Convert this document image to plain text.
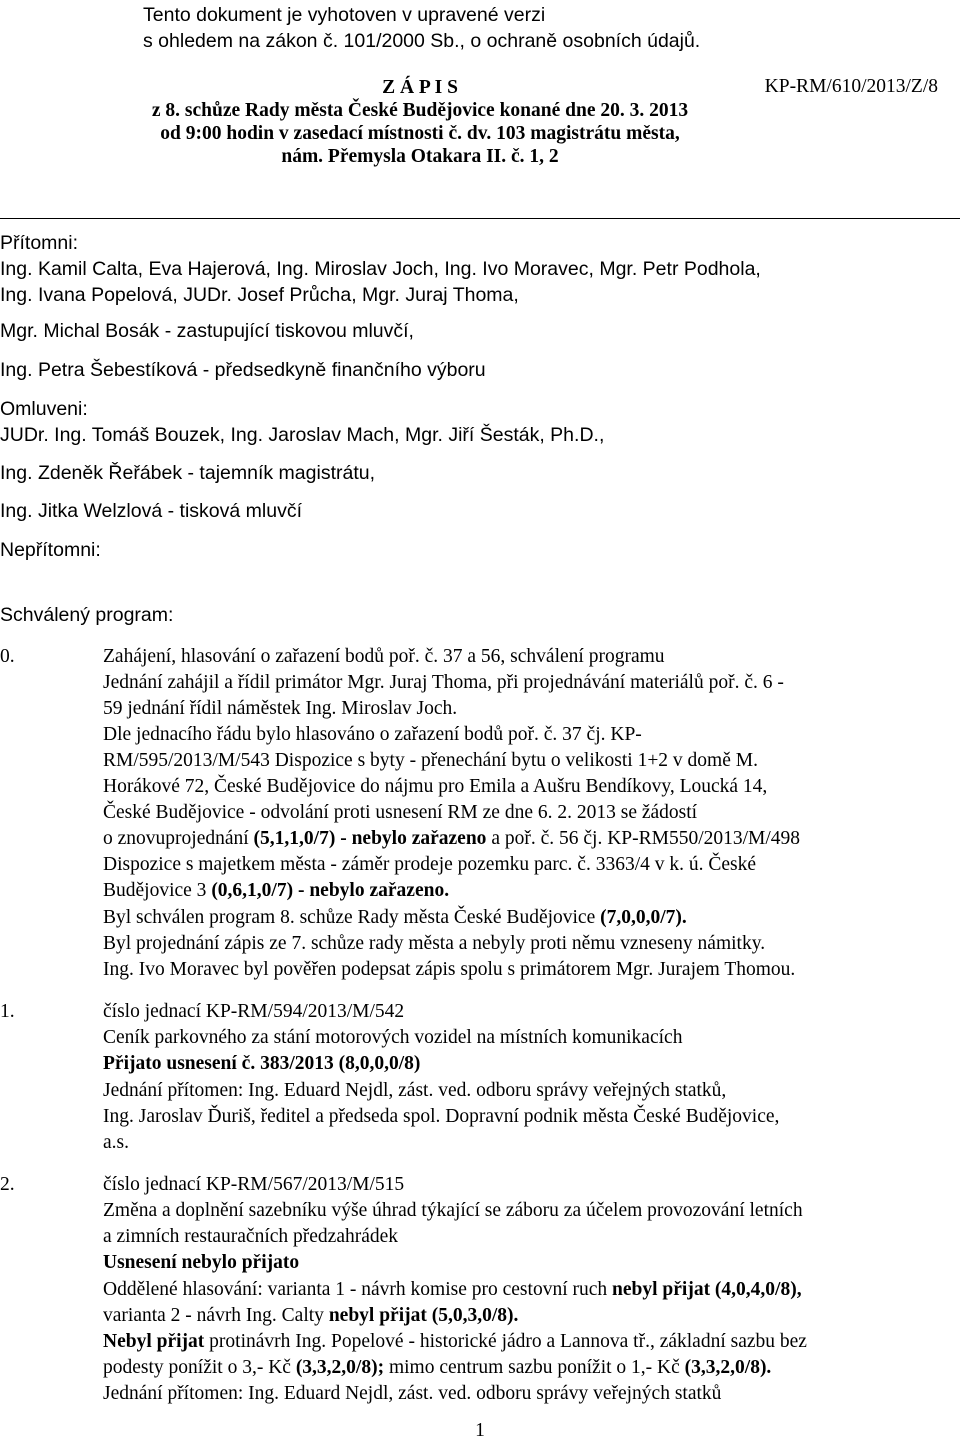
Tento dokument je vyhotoven v upravené verzi
s ohledem na zákon č. 101/2000 Sb., o ochraně osobních údajů.
KP-RM/610/2013/Z/8
Z Á P I S
z 8. schůze Rady města České Budějovice konané dne 20. 3. 2013
od 9:00 hodin v zasedací místnosti č. dv. 103 magistrátu města,
nám. Přemysla Otakara II. č. 1, 2
Přítomni:
Ing. Kamil Calta, Eva Hajerová, Ing. Miroslav Joch, Ing. Ivo Moravec, Mgr. Petr Podhola,
Ing. Ivana Popelová, JUDr. Josef Průcha, Mgr. Juraj Thoma,
Mgr. Michal Bosák - zastupující tiskovou mluvčí,
Ing. Petra Šebestíková - předsedkyně finančního výboru
Omluveni:
JUDr. Ing. Tomáš Bouzek, Ing. Jaroslav Mach, Mgr. Jiří Šesták, Ph.D.,
Ing. Zdeněk Řeřábek - tajemník magistrátu,
Ing. Jitka Welzlová - tisková mluvčí
Nepřítomni:
Schválený program:
0.	Zahájení, hlasování o zařazení bodů poř. č. 37 a 56, schválení programu
Jednání zahájil a řídil primátor Mgr. Juraj Thoma, při projednávání materiálů poř. č. 6 -
59 jednání řídil náměstek Ing. Miroslav Joch.
Dle jednacího řádu bylo hlasováno o zařazení bodů poř. č. 37 čj. KP-
RM/595/2013/M/543 Dispozice s byty - přenechání bytu o velikosti 1+2 v domě M.
Horákové 72, České Budějovice do nájmu pro Emila a Aušru Bendíkovy, Loucká 14,
České Budějovice - odvolání proti usnesení RM ze dne 6. 2. 2013 se žádostí
o znovuprojednání (5,1,1,0/7) - nebylo zařazeno a poř. č. 56 čj. KP-RM550/2013/M/498
Dispozice s majetkem města - záměr prodeje pozemku parc. č. 3363/4 v k. ú. České
Budějovice 3 (0,6,1,0/7) - nebylo zařazeno.
Byl schválen program 8. schůze Rady města České Budějovice (7,0,0,0/7).
Byl projednání zápis ze 7. schůze rady města a nebyly proti němu vzneseny námitky.
Ing. Ivo Moravec byl pověřen podepsat zápis spolu s primátorem Mgr. Jurajem Thomou.
1.	číslo jednací KP-RM/594/2013/M/542
Ceník parkovného za stání motorových vozidel na místních komunikacích
Přijato usnesení č. 383/2013 (8,0,0,0/8)
Jednání přítomen: Ing. Eduard Nejdl, zást. ved. odboru správy veřejných statků,
Ing. Jaroslav Ďuriš, ředitel a předseda spol. Dopravní podnik města České Budějovice,
a.s.
2.	číslo jednací KP-RM/567/2013/M/515
Změna a doplnění sazebníku výše úhrad týkající se záboru za účelem provozování letních
a zimních restauračních předzahrádek
Usnesení nebylo přijato
Oddělené hlasování: varianta 1 - návrh komise pro cestovní ruch nebyl přijat (4,0,4,0/8),
varianta 2 - návrh Ing. Calty nebyl přijat (5,0,3,0/8).
Nebyl přijat protinávrh Ing. Popelové - historické jádro a Lannova tř., základní sazbu bez
podesty ponížit o 3,- Kč (3,3,2,0/8); mimo centrum sazbu ponížit o 1,- Kč (3,3,2,0/8).
Jednání přítomen: Ing. Eduard Nejdl, zást. ved. odboru správy veřejných statků
1
